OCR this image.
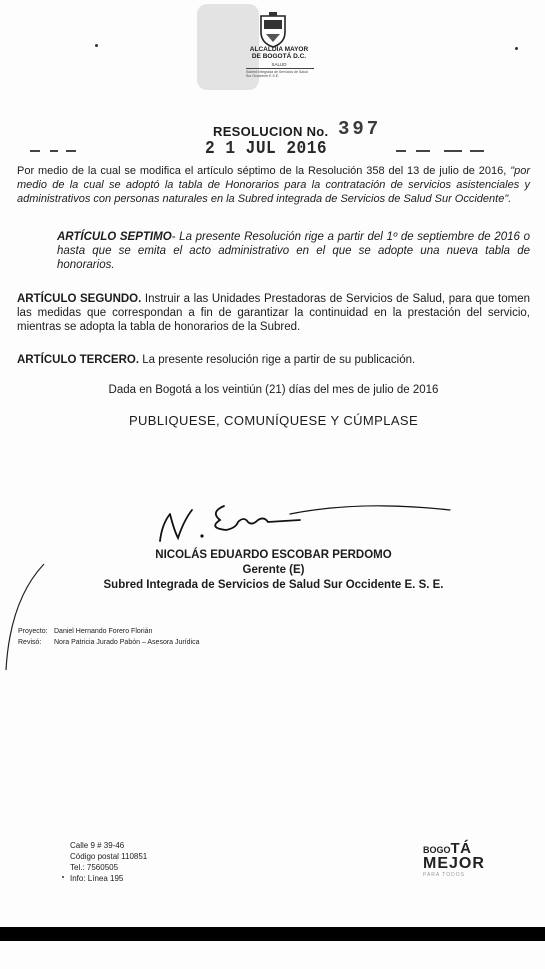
ALCALDÍA MAYOR
DE BOGOTÁ D.C.
SALUD
Subred Integrada de Servicios de Salud Sur Occidente E.S.E.
RESOLUCION No. 397
2 1 JUL 2016
Por medio de la cual se modifica el artículo séptimo de la Resolución 358 del 13 de julio de 2016, "por medio de la cual se adoptó la tabla de Honorarios para la contratación de servicios asistenciales y administrativos con personas naturales en la Subred integrada de Servicios de Salud Sur Occidente".
ARTÍCULO SEPTIMO- La presente Resolución rige a partir del 1º de septiembre de 2016 o hasta que se emita el acto administrativo en el que se adopte una nueva tabla de honorarios.
ARTÍCULO SEGUNDO. Instruir a las Unidades Prestadoras de Servicios de Salud, para que tomen las medidas que correspondan a fin de garantizar la continuidad en la prestación del servicio, mientras se adopta la tabla de honorarios de la Subred.
ARTÍCULO TERCERO. La presente resolución rige a partir de su publicación.
Dada en Bogotá a los veintiún (21) días del mes de julio de 2016
PUBLIQUESE, COMUNÍQUESE Y CÚMPLASE
NICOLÁS EDUARDO ESCOBAR PERDOMO
Gerente (E)
Subred Integrada de Servicios de Salud Sur Occidente E. S. E.
Proyecto: Daniel Hernando Forero Florián
Revisó: Nora Patricia Jurado Pabón – Asesora Jurídica
Calle 9 # 39-46
Código postal 110851
Tel.: 7560505
Info: Línea 195
BOGOTÁ
MEJOR
PARA TODOS
